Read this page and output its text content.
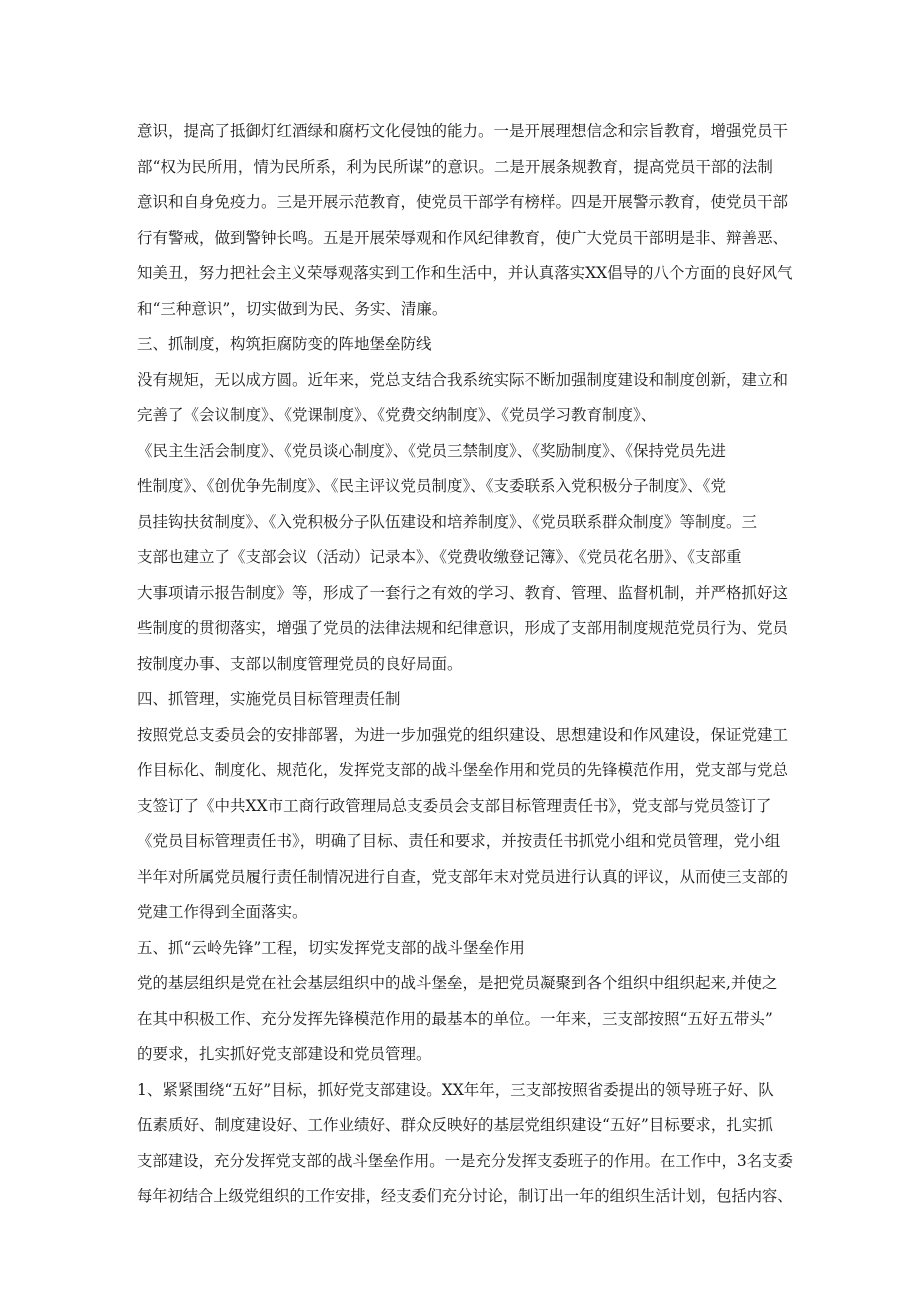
意识，提高了抵御灯红酒绿和腐朽文化侵蚀的能力。一是开展理想信念和宗旨教育，增强党员干
部“权为民所用，情为民所系，利为民所谋”的意识。二是开展条规教育，提高党员干部的法制
意识和自身免疫力。三是开展示范教育，使党员干部学有榜样。四是开展警示教育，使党员干部
行有警戒，做到警钟长鸣。五是开展荣辱观和作风纪律教育，使广大党员干部明是非、辩善恶、
知美丑，努力把社会主义荣辱观落实到工作和生活中，并认真落实XX倡导的八个方面的良好风气
和“三种意识”，切实做到为民、务实、清廉。
三、抓制度，构筑拒腐防变的阵地堡垒防线
没有规矩，无以成方圆。近年来，党总支结合我系统实际不断加强制度建设和制度创新，建立和
完善了《会议制度》、《党课制度》、《党费交纳制度》、《党员学习教育制度》、
《民主生活会制度》、《党员谈心制度》、《党员三禁制度》、《奖励制度》、《保持党员先进
性制度》、《创优争先制度》、《民主评议党员制度》、《支委联系入党积极分子制度》、《党
员挂钩扶贫制度》、《入党积极分子队伍建设和培养制度》、《党员联系群众制度》等制度。三
支部也建立了《支部会议（活动）记录本》、《党费收缴登记簿》、《党员花名册》、《支部重
大事项请示报告制度》等，形成了一套行之有效的学习、教育、管理、监督机制，并严格抓好这
些制度的贯彻落实，增强了党员的法律法规和纪律意识，形成了支部用制度规范党员行为、党员
按制度办事、支部以制度管理党员的良好局面。
四、抓管理，实施党员目标管理责任制
按照党总支委员会的安排部署，为进一步加强党的组织建设、思想建设和作风建设，保证党建工
作目标化、制度化、规范化，发挥党支部的战斗堡垒作用和党员的先锋模范作用，党支部与党总
支签订了《中共XX市工商行政管理局总支委员会支部目标管理责任书》，党支部与党员签订了
《党员目标管理责任书》，明确了目标、责任和要求，并按责任书抓党小组和党员管理，党小组
半年对所属党员履行责任制情况进行自查，党支部年末对党员进行认真的评议，从而使三支部的
党建工作得到全面落实。
五、抓“云岭先锋”工程，切实发挥党支部的战斗堡垒作用
党的基层组织是党在社会基层组织中的战斗堡垒，是把党员凝聚到各个组织中组织起来,并使之
在其中积极工作、充分发挥先锋模范作用的最基本的单位。一年来，三支部按照“五好五带头”
的要求，扎实抓好党支部建设和党员管理。
1、紧紧围绕“五好”目标，抓好党支部建设。XX年年，三支部按照省委提出的领导班子好、队
伍素质好、制度建设好、工作业绩好、群众反映好的基层党组织建设“五好”目标要求，扎实抓
支部建设，充分发挥党支部的战斗堡垒作用。一是充分发挥支委班子的作用。在工作中，3名支委
每年初结合上级党组织的工作安排，经支委们充分讨论，制订出一年的组织生活计划，包括内容、
